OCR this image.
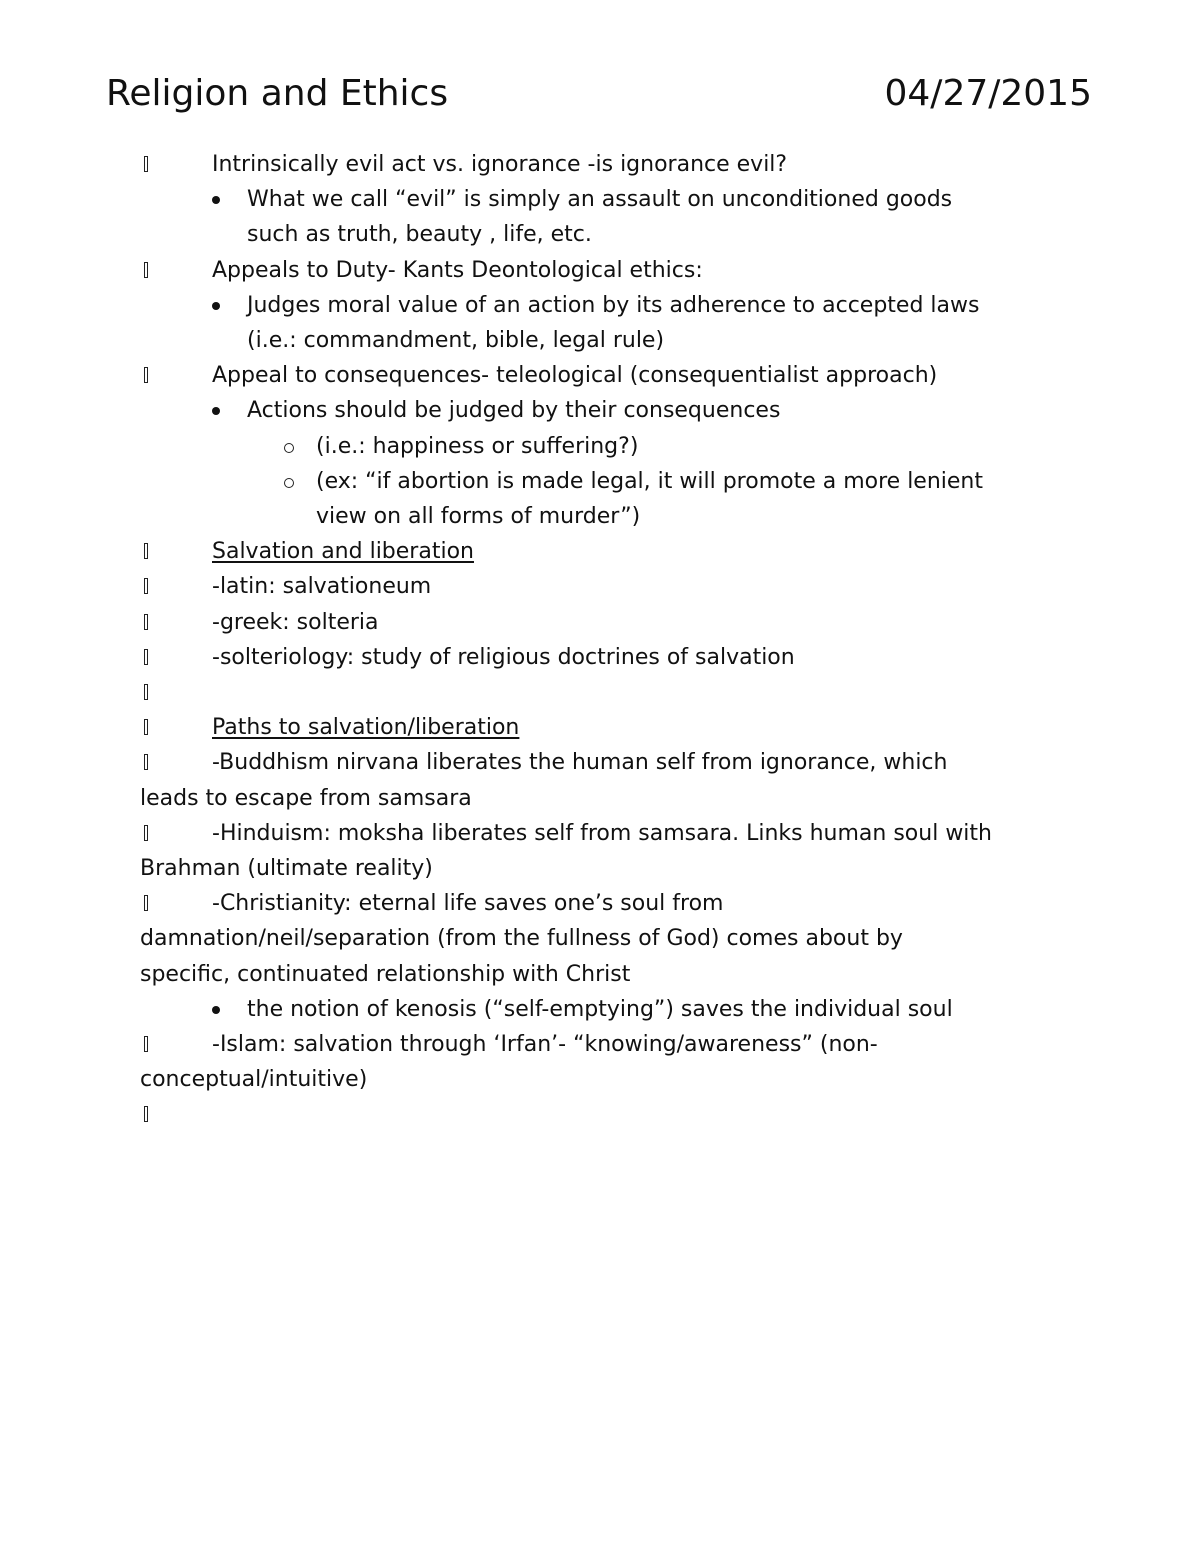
Religion and Ethics	04/27/2015
Intrinsically evil act vs. ignorance -is ignorance evil?
What we call “evil” is simply an assault on unconditioned goods
such as truth, beauty , life, etc.
Appeals to Duty- Kants Deontological ethics:
Judges moral value of an action by its adherence to accepted laws
(i.e.: commandment, bible, legal rule)
Appeal to consequences- teleological (consequentialist approach)
Actions should be judged by their consequences
(i.e.: happiness or suffering?)
(ex: “if abortion is made legal, it will promote a more lenient
view on all forms of murder”)
Salvation and liberation
-latin: salvationeum
-greek: solteria
-solteriology: study of religious doctrines of salvation
Paths to salvation/liberation
-Buddhism nirvana liberates the human self from ignorance, which
leads to escape from samsara
-Hinduism: moksha liberates self from samsara. Links human soul with
Brahman (ultimate reality)
-Christianity: eternal life saves one’s soul from
damnation/neil/separation (from the fullness of God) comes about by
specific, continuated relationship with Christ
the notion of kenosis (“self-emptying”) saves the individual soul
-Islam: salvation through ‘Irfan’- “knowing/awareness” (non-
conceptual/intuitive)
